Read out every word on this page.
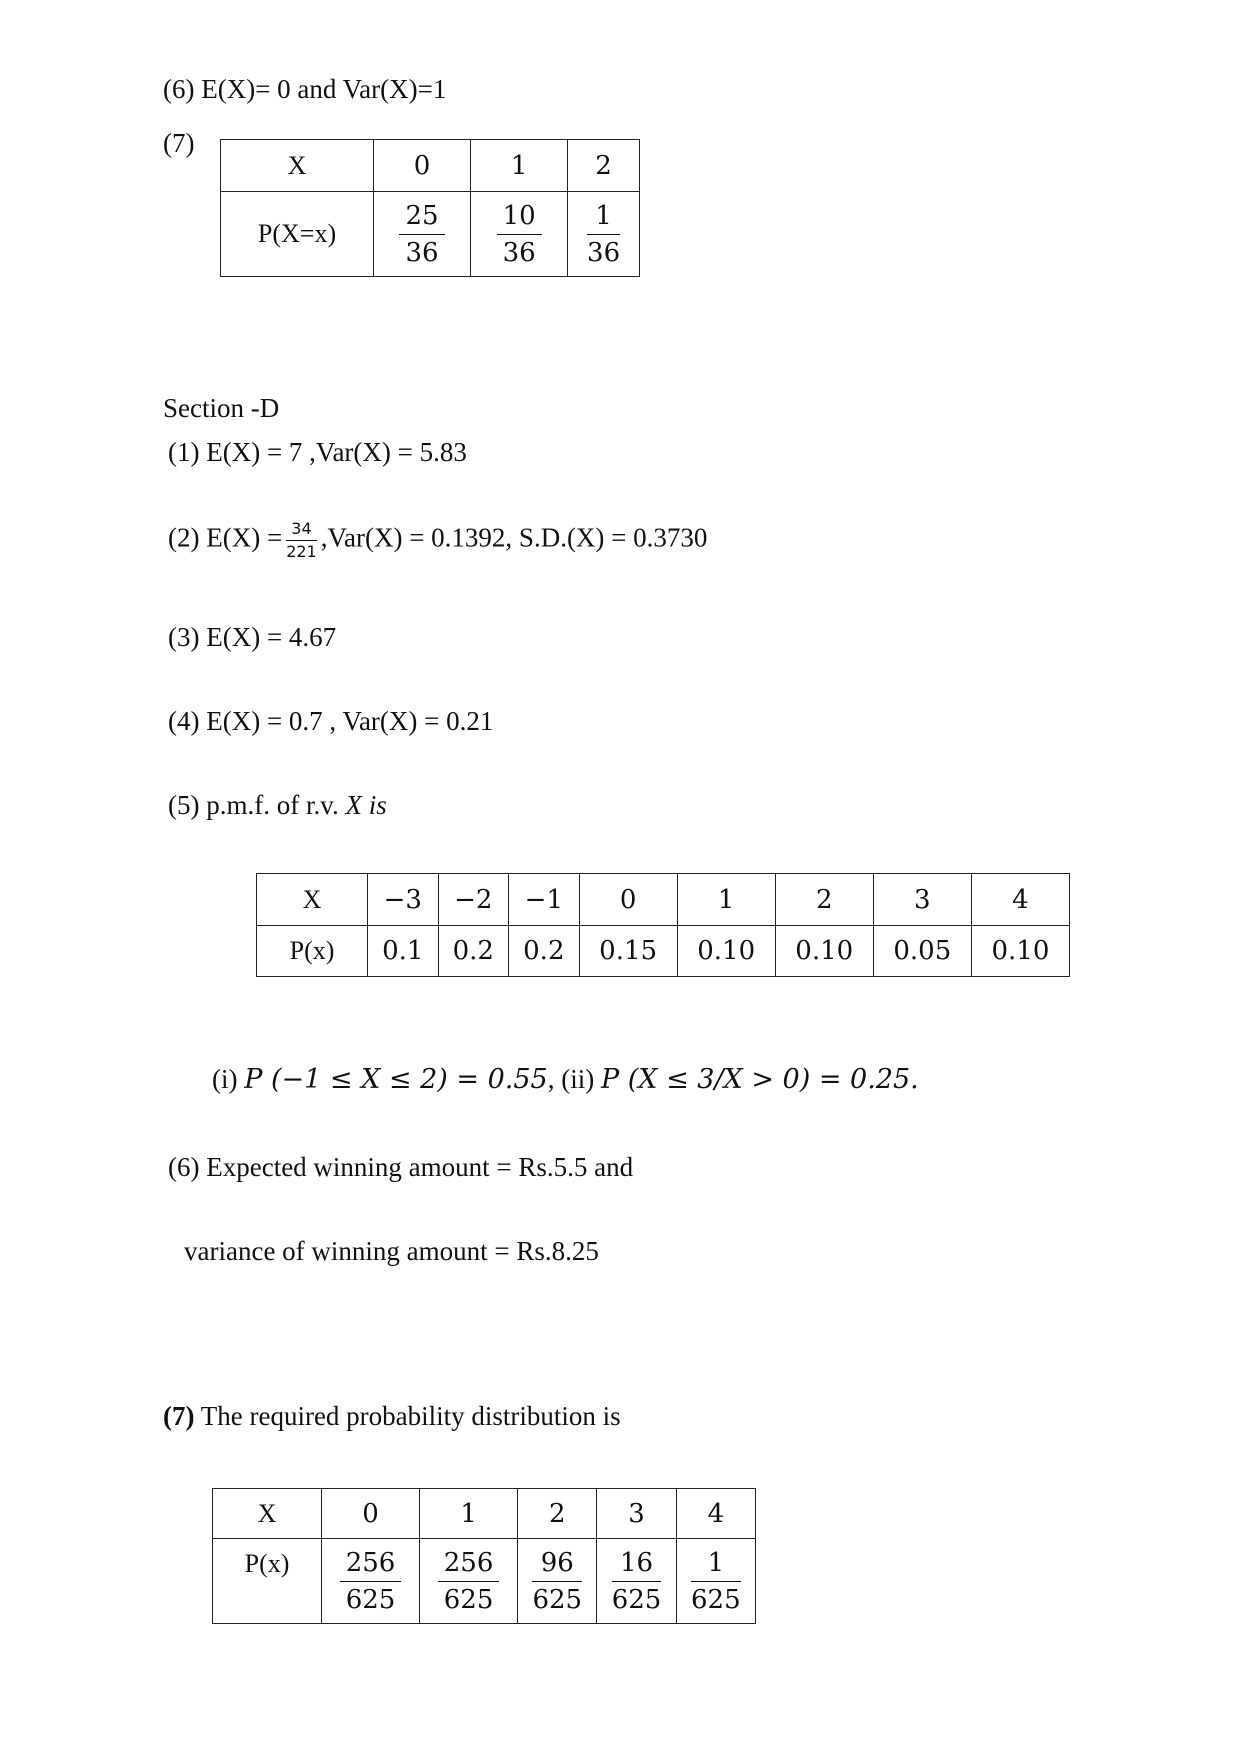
(6) E(X)= 0 and Var(X)=1
(7)
X	0	1	2
P(X=x)	$\frac{25}{36}$	$\frac{10}{36}$	$\frac{1}{36}$
Section -D
(1) E(X) = 7 ,Var(X) = 5.83
(2) $E(X) = \frac{34}{221} ,Var(X) = 0.1392$, S.D.(X) = 0.3730
(3) E(X) = 4.67
(4) E(X) = 0.7 , Var(X) = 0.21
(5) p.m.f. of r.v. X is
X	−3	−2	−1	0	1	2	3	4
P(x)	0.1	0.2	0.2	0.15	0.10	0.10	0.05	0.10
(i) P (−1 ≤ X ≤ 2) = 0.55, (ii) P (X ≤ 3/X > 0) = 0.25.
(6) Expected winning amount = Rs.5.5 and
variance of winning amount = Rs.8.25
(7) The required probability distribution is
X	0	1	2	3	4
P(x)	$\frac{256}{625}$	$\frac{256}{625}$	$\frac{96}{625}$	$\frac{16}{625}$	$\frac{1}{625}$
